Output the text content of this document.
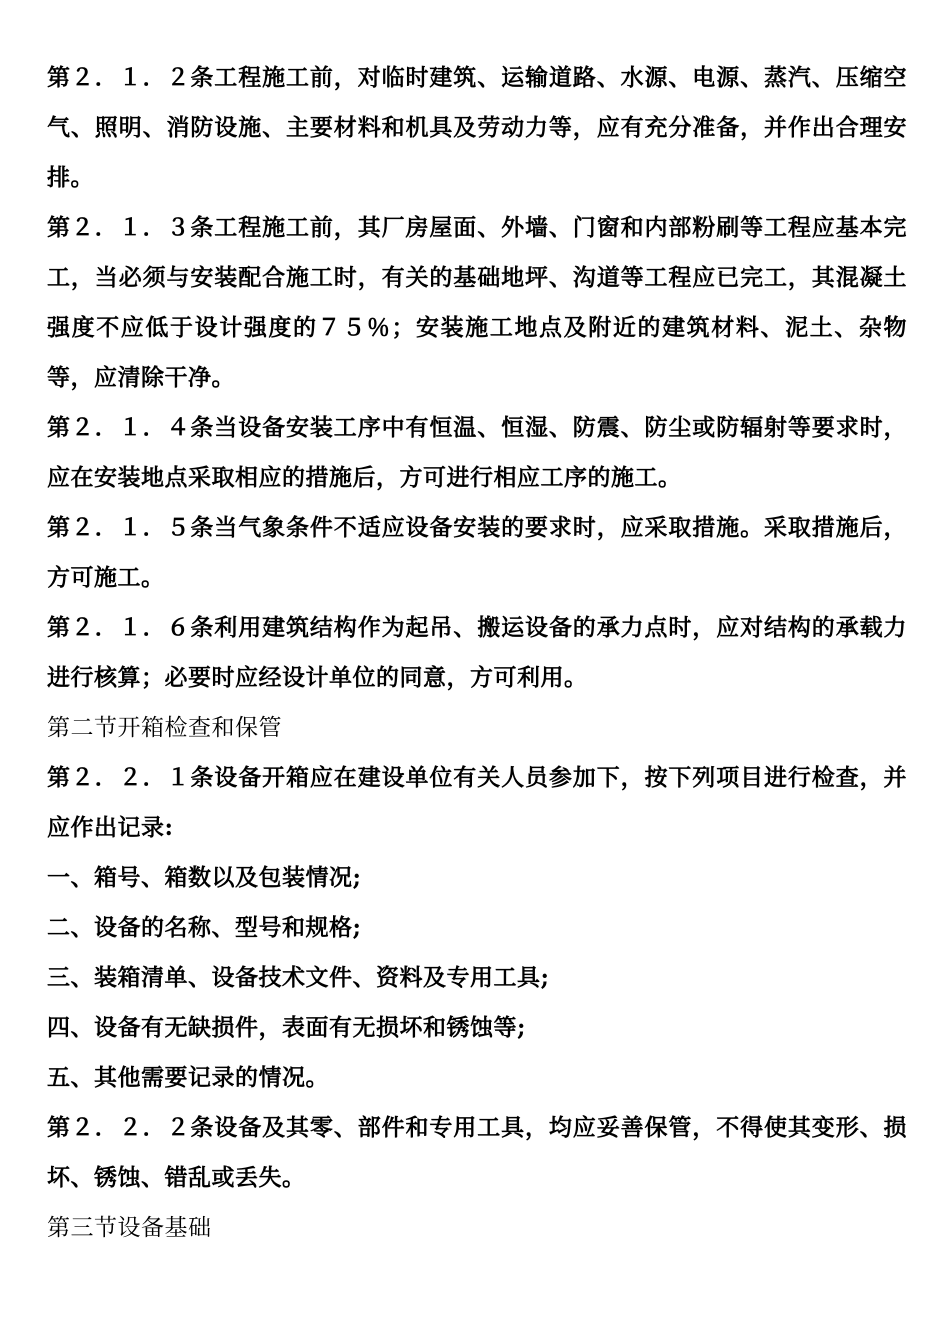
第２．１．２条工程施工前，对临时建筑、运输道路、水源、电源、蒸汽、压缩空气、照明、消防设施、主要材料和机具及劳动力等，应有充分准备，并作出合理安排。

第２．１．３条工程施工前，其厂房屋面、外墙、门窗和内部粉刷等工程应基本完工，当必须与安装配合施工时，有关的基础地坪、沟道等工程应已完工，其混凝土强度不应低于设计强度的７５％；安装施工地点及附近的建筑材料、泥土、杂物等，应清除干净。

第２．１．４条当设备安装工序中有恒温、恒湿、防震、防尘或防辐射等要求时，应在安装地点采取相应的措施后，方可进行相应工序的施工。

第２．１．５条当气象条件不适应设备安装的要求时，应采取措施。采取措施后，方可施工。

第２．１．６条利用建筑结构作为起吊、搬运设备的承力点时，应对结构的承载力进行核算；必要时应经设计单位的同意，方可利用。

第二节开箱检查和保管

第２．２．１条设备开箱应在建设单位有关人员参加下，按下列项目进行检查，并应作出记录:

一、箱号、箱数以及包装情况;

二、设备的名称、型号和规格;

三、装箱清单、设备技术文件、资料及专用工具;

四、设备有无缺损件，表面有无损坏和锈蚀等;

五、其他需要记录的情况。

第２．２．２条设备及其零、部件和专用工具，均应妥善保管，不得使其变形、损坏、锈蚀、错乱或丢失。

第三节设备基础
